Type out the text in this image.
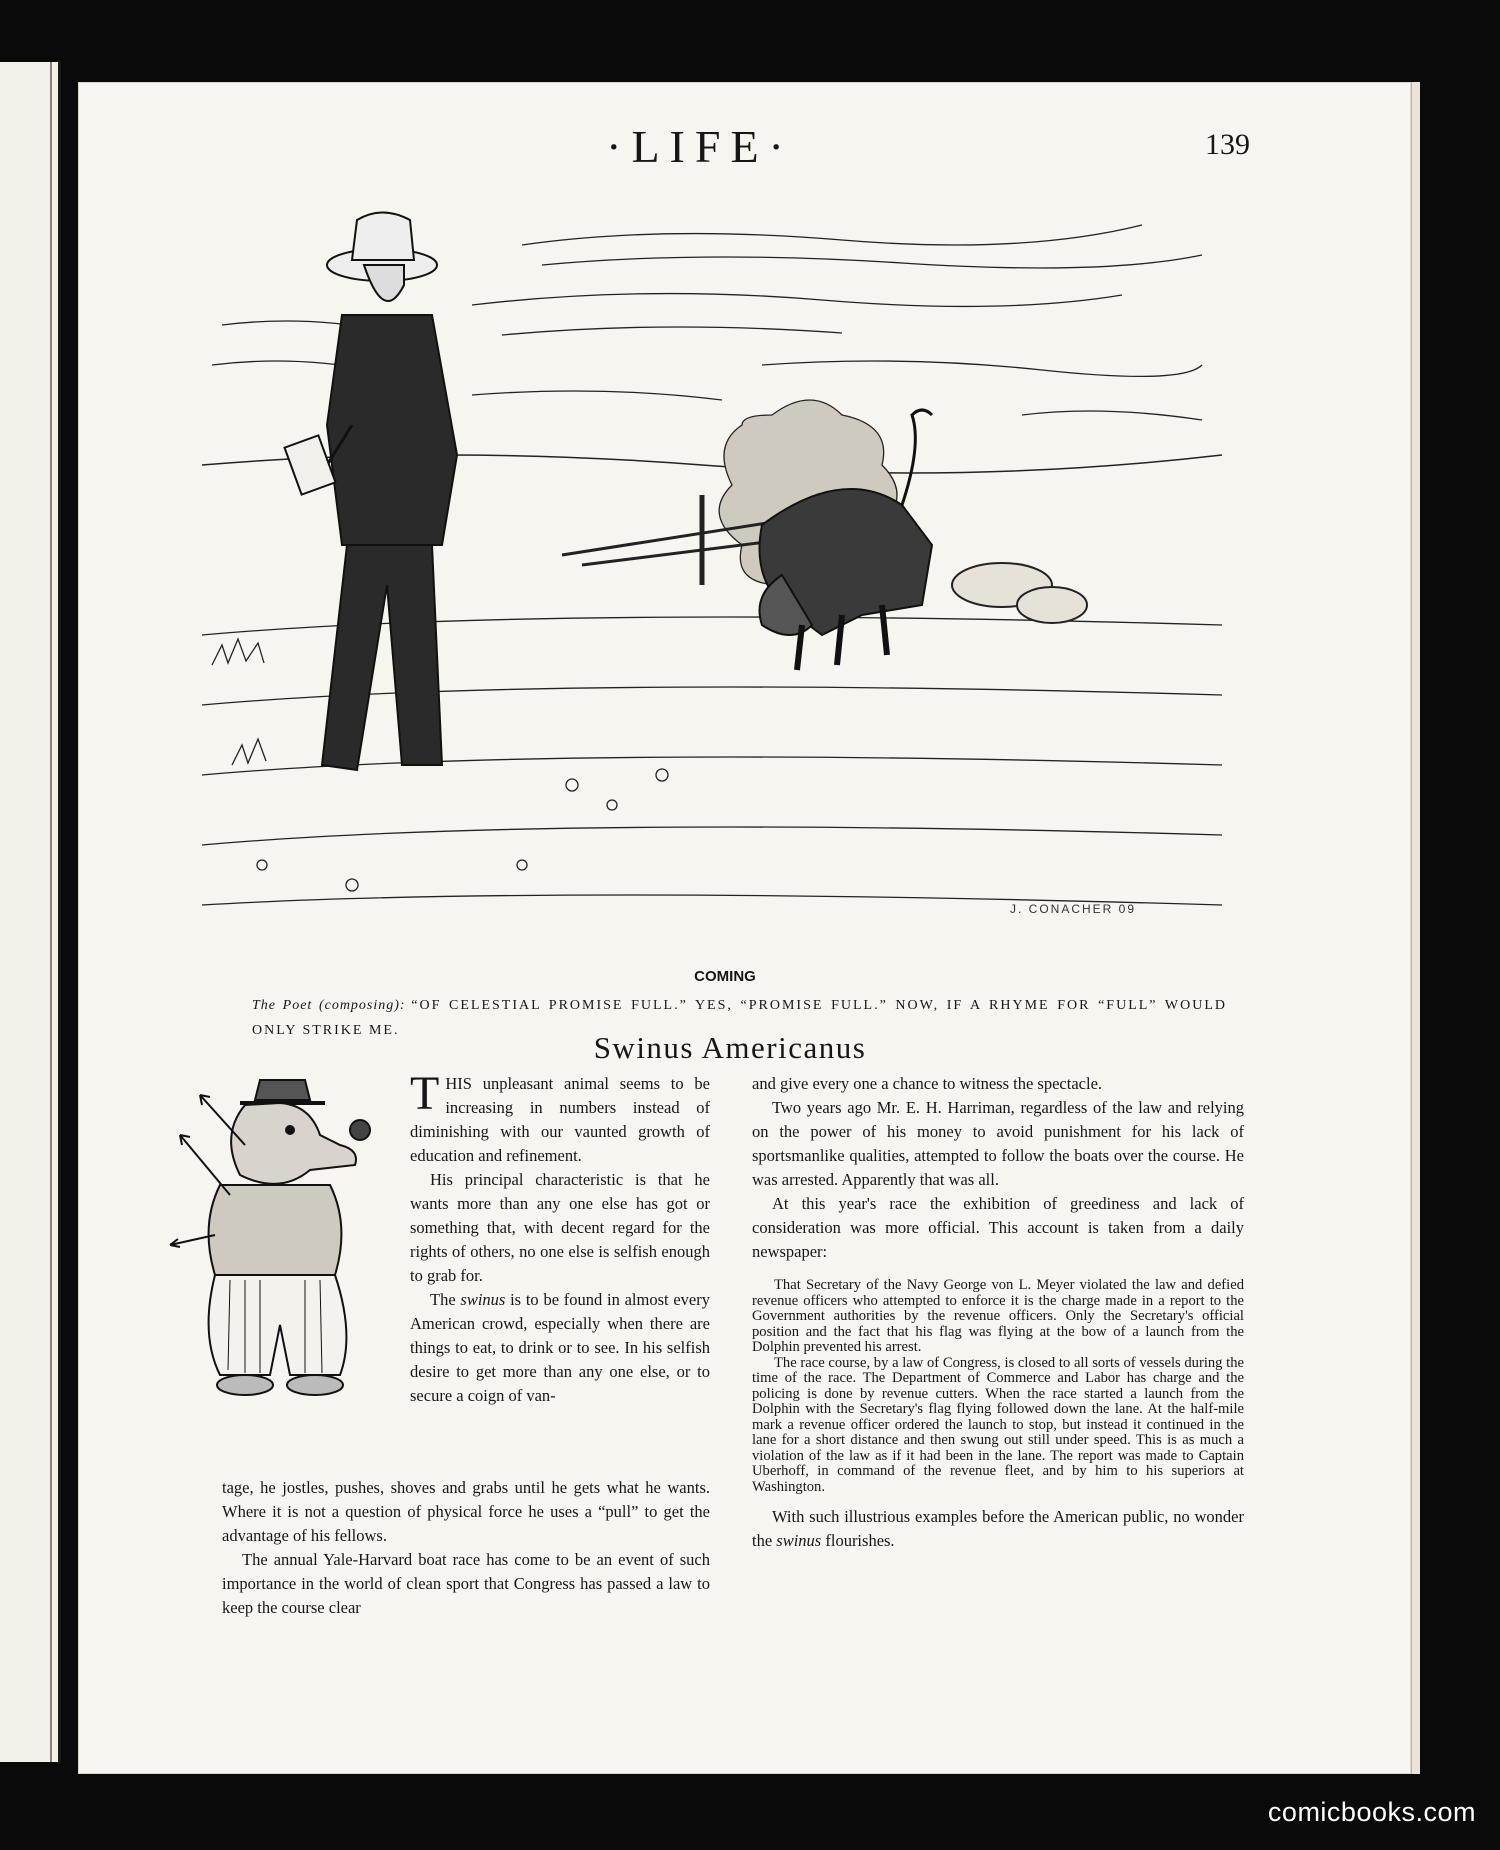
·LIFE·	139
J. CONACHER 09
COMING
The Poet (composing): “OF CELESTIAL PROMISE FULL.” YES, “PROMISE FULL.” NOW, IF A RHYME FOR “FULL” WOULD ONLY STRIKE ME.	Swinus Americanus

THIS unpleasant animal seems to be increasing in numbers instead of diminishing with our vaunted growth of education and refinement.

His principal characteristic is that he wants more than any one else has got or something that, with decent regard for the rights of others, no one else is selfish enough to grab for.

The swinus is to be found in almost every American crowd, especially when there are things to eat, to drink or to see. In his selfish desire to get more than any one else, or to secure a coign of van-

tage, he jostles, pushes, shoves and grabs until he gets what he wants. Where it is not a question of physical force he uses a “pull” to get the advantage of his fellows.

The annual Yale-Harvard boat race has come to be an event of such importance in the world of clean sport that Congress has passed a law to keep the course clear

and give every one a chance to witness the spectacle.

Two years ago Mr. E. H. Harriman, regardless of the law and relying on the power of his money to avoid punishment for his lack of sportsmanlike qualities, attempted to follow the boats over the course. He was arrested. Apparently that was all.

At this year's race the exhibition of greediness and lack of consideration was more official. This account is taken from a daily newspaper:

That Secretary of the Navy George von L. Meyer violated the law and defied revenue officers who attempted to enforce it is the charge made in a report to the Government authorities by the revenue officers. Only the Secretary's official position and the fact that his flag was flying at the bow of a launch from the Dolphin prevented his arrest.

The race course, by a law of Congress, is closed to all sorts of vessels during the time of the race. The Department of Commerce and Labor has charge and the policing is done by revenue cutters. When the race started a launch from the Dolphin with the Secretary's flag flying followed down the lane. At the half-mile mark a revenue officer ordered the launch to stop, but instead it continued in the lane for a short distance and then swung out still under speed. This is as much a violation of the law as if it had been in the lane. The report was made to Captain Uberhoff, in command of the revenue fleet, and by him to his superiors at Washington.

With such illustrious examples before the American public, no wonder the swinus flourishes.

comicbooks.com
